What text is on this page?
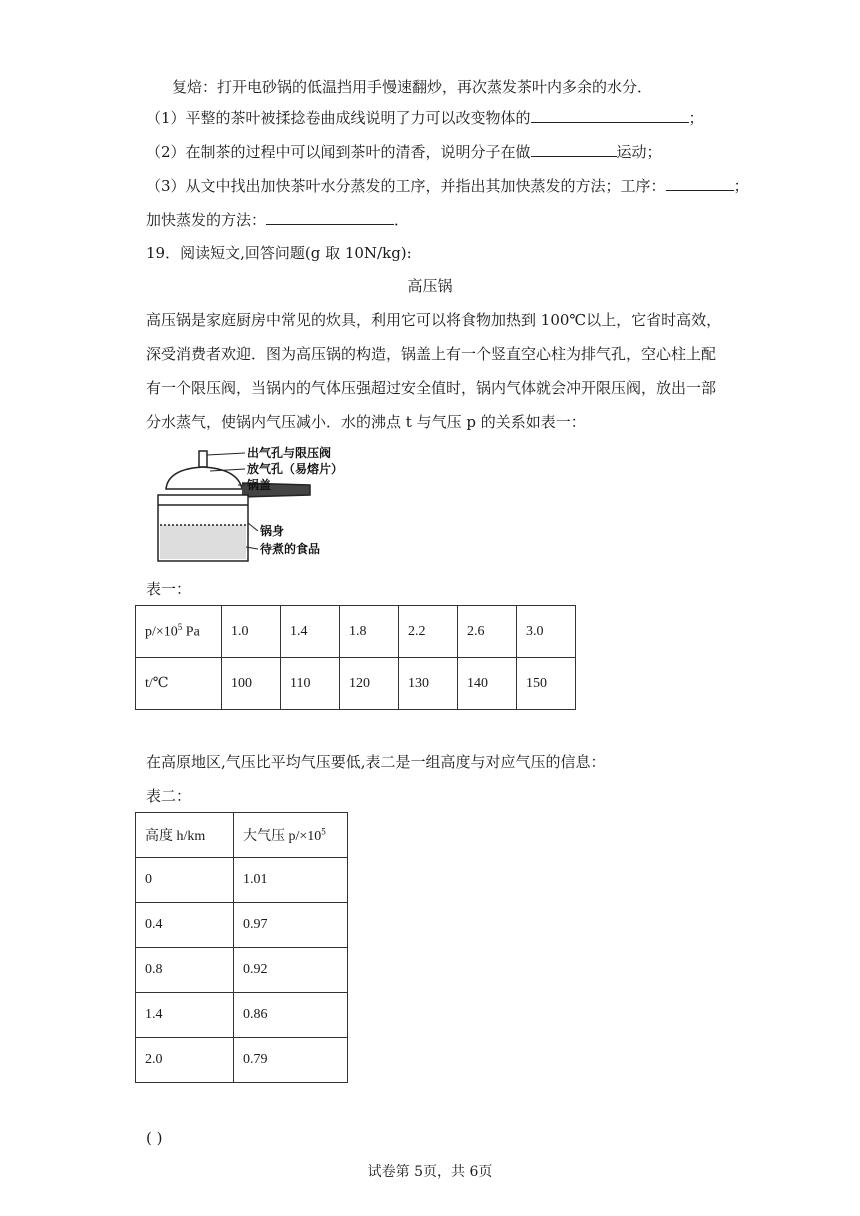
复焙：打开电砂锅的低温挡用手慢速翻炒，再次蒸发茶叶内多余的水分．
（1）平整的茶叶被揉捻卷曲成线说明了力可以改变物体的	；
（2）在制茶的过程中可以闻到茶叶的清香，说明分子在做	运动；
（3）从文中找出加快茶叶水分蒸发的工序，并指出其加快蒸发的方法；工序：	；
加快蒸发的方法：	．
19．阅读短文,回答问题(g 取 10N/kg):
高压锅
高压锅是家庭厨房中常见的炊具，利用它可以将食物加热到 100℃以上，它省时高效，
深受消费者欢迎．图为高压锅的构造，锅盖上有一个竖直空心柱为排气孔，空心柱上配
有一个限压阀，当锅内的气体压强超过安全值时，锅内气体就会冲开限压阀，放出一部
分水蒸气，使锅内气压减小．水的沸点 t 与气压 p 的关系如表一：
出气孔与限压阀
放气孔（易熔片）
锅盖
锅身
待煮的食品
表一：
$p/\times 10^5$ Pa	1.0	1.4	1.8	2.2	2.6	3.0
t/℃	100	110	120	130	140	150
在高原地区,气压比平均气压要低,表二是一组高度与对应气压的信息：
表二：
高度 h/km	大气压 $p/\times 10^5$
0	1.01
0.4	0.97
0.8	0.92
1.4	0.86
2.0	0.79
( )
试卷第 5页，共 6页
